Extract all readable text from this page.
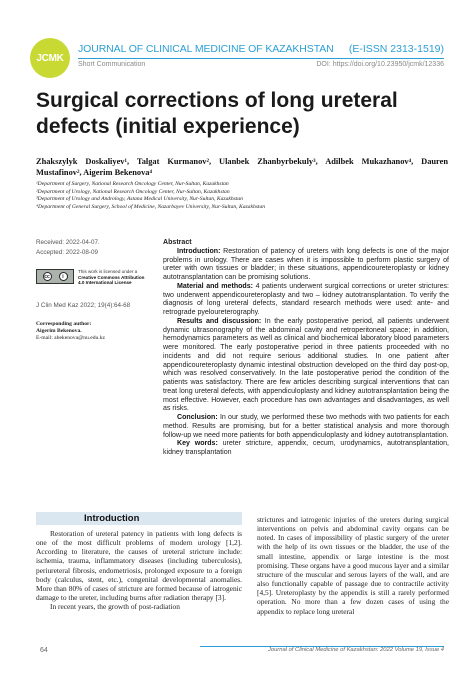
JCMK
JOURNAL OF CLINICAL MEDICINE OF KAZAKHSTAN (E-ISSN 2313-1519)
Short Communication	DOI: https://doi.org/10.23950/jcmk/12336
Surgical corrections of long ureteral defects (initial experience)
Zhakszylyk Doskaliyev¹, Talgat Kurmanov², Ulanbek Zhanbyrbekuly³, Adilbek Mukazhanov⁴, Dauren Mustafinov², Aigerim Bekenova⁴
¹Department of Surgery, National Research Oncology Center, Nur-Sultan, Kazakhstan
²Department of Urology, National Research Oncology Center, Nur-Sultan, Kazakhstan
³Department of Urology and Andrology, Astana Medical University, Nur-Sultan, Kazakhstan
⁴Department of General Surgery, School of Medicine, Nazarbayev University, Nur-Sultan, Kazakhstan
Received: 2022-04-07.
Accepted: 2022-08-09
cc	i
This work is licensed under a
Creative Commons Attribution 4.0 International License
J Clin Med Kaz 2022; 19(4):64-68
Corresponding author:
Aigerim Bekenova.
E-mail: abekenova@nu.edu.kz
Abstract

Introduction: Restoration of patency of ureters with long defects is one of the major problems in urology. There are cases when it is impossible to perform plastic surgery of ureter with own tissues or bladder; in these situations, appendicoureteroplasty or kidney autotransplantation can be promising solutions.

Material and methods: 4 patients underwent surgical corrections or ureter strictures: two underwent appendicoureteroplasty and two – kidney autotransplantation. To verify the diagnosis of long ureteral defects, standard research methods were used: ante- and retrograde pyeloureterography.

Results and discussion: In the early postoperative period, all patients underwent dynamic ultrasonography of the abdominal cavity and retroperitoneal space; in addition, hemodynamics parameters as well as clinical and biochemical laboratory blood parameters were monitored. The early postoperative period in three patients proceeded with no incidents and did not require serious additional studies. In one patient after appendicoureteroplasty dynamic intestinal obstruction developed on the third day post-op, which was resolved conservatively. In the late postoperative period the condition of the patients was satisfactory. There are few articles describing surgical interventions that can treat long ureteral defects, with appendiculoplasty and kidney autotransplantation being the most effective. However, each procedure has own advantages and disadvantages, as well as risks.

Conclusion: In our study, we performed these two methods with two patients for each method. Results are promising, but for a better statistical analysis and more thorough follow-up we need more patients for both appendiculoplasty and kidney autotransplantation.

Key words: ureter stricture, appendix, cecum, urodynamics, autotransplantation, kidney transplantation

Introduction

Restoration of ureteral patency in patients with long defects is one of the most difficult problems of modern urology [1,2]. According to literature, the causes of ureteral stricture include: ischemia, trauma, inflammatory diseases (including tuberculosis), periureteral fibrosis, endometriosis, prolonged exposure to a foreign body (calculus, stent, etc.), congenital developmental anomalies. More than 80% of cases of stricture are formed because of iatrogenic damage to the ureter, including burns after radiation therapy [3].

In recent years, the growth of post-radiation

strictures and iatrogenic injuries of the ureters during surgical interventions on pelvis and abdominal cavity organs can be noted. In cases of impossibility of plastic surgery of the ureter with the help of its own tissues or the bladder, the use of the small intestine, appendix or large intestine is the most promising. These organs have a good mucous layer and a similar structure of the muscular and serous layers of the wall, and are also functionally capable of passage due to contractile activity [4,5]. Ureteroplasty by the appendix is still a rarely performed operation. No more than a few dozen cases of using the appendix to replace long ureteral

Journal of Clinical Medicine of Kazakhstan: 2022 Volume 19, Issue 4
64
